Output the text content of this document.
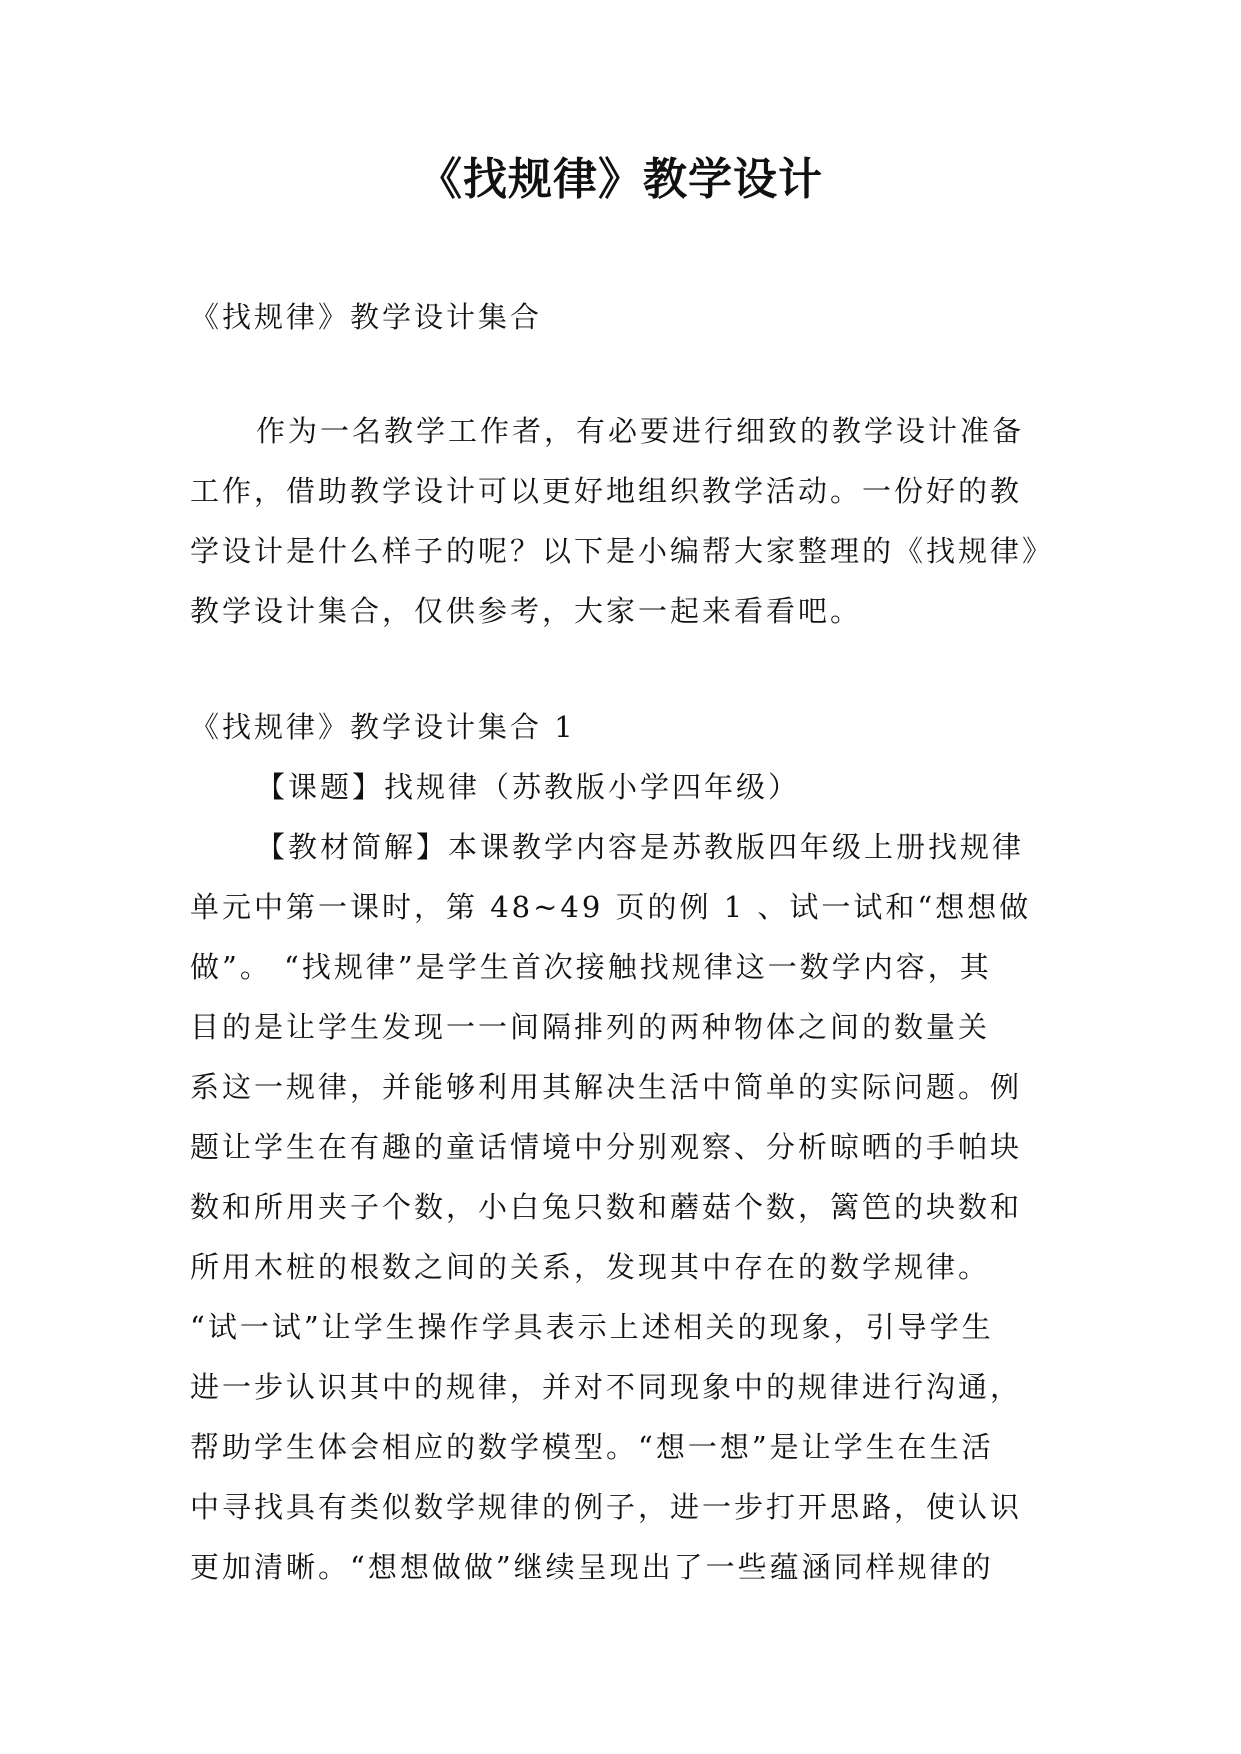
《找规律》教学设计
《找规律》教学设计集合
作为一名教学工作者，有必要进行细致的教学设计准备
工作，借助教学设计可以更好地组织教学活动。一份好的教
学设计是什么样子的呢？以下是小编帮大家整理的《找规律》
教学设计集合，仅供参考，大家一起来看看吧。
《找规律》教学设计集合 1
【课题】找规律（苏教版小学四年级）
【教材简解】本课教学内容是苏教版四年级上册找规律
单元中第一课时，第 48~49 页的例 1 、试一试和“想想做
做”。 “找规律”是学生首次接触找规律这一数学内容，其
目的是让学生发现一一间隔排列的两种物体之间的数量关
系这一规律，并能够利用其解决生活中简单的实际问题。例
题让学生在有趣的童话情境中分别观察、分析晾晒的手帕块
数和所用夹子个数，小白兔只数和蘑菇个数，篱笆的块数和
所用木桩的根数之间的关系，发现其中存在的数学规律。
“试一试”让学生操作学具表示上述相关的现象，引导学生
进一步认识其中的规律，并对不同现象中的规律进行沟通，
帮助学生体会相应的数学模型。“想一想”是让学生在生活
中寻找具有类似数学规律的例子，进一步打开思路，使认识
更加清晰。“想想做做”继续呈现出了一些蕴涵同样规律的
